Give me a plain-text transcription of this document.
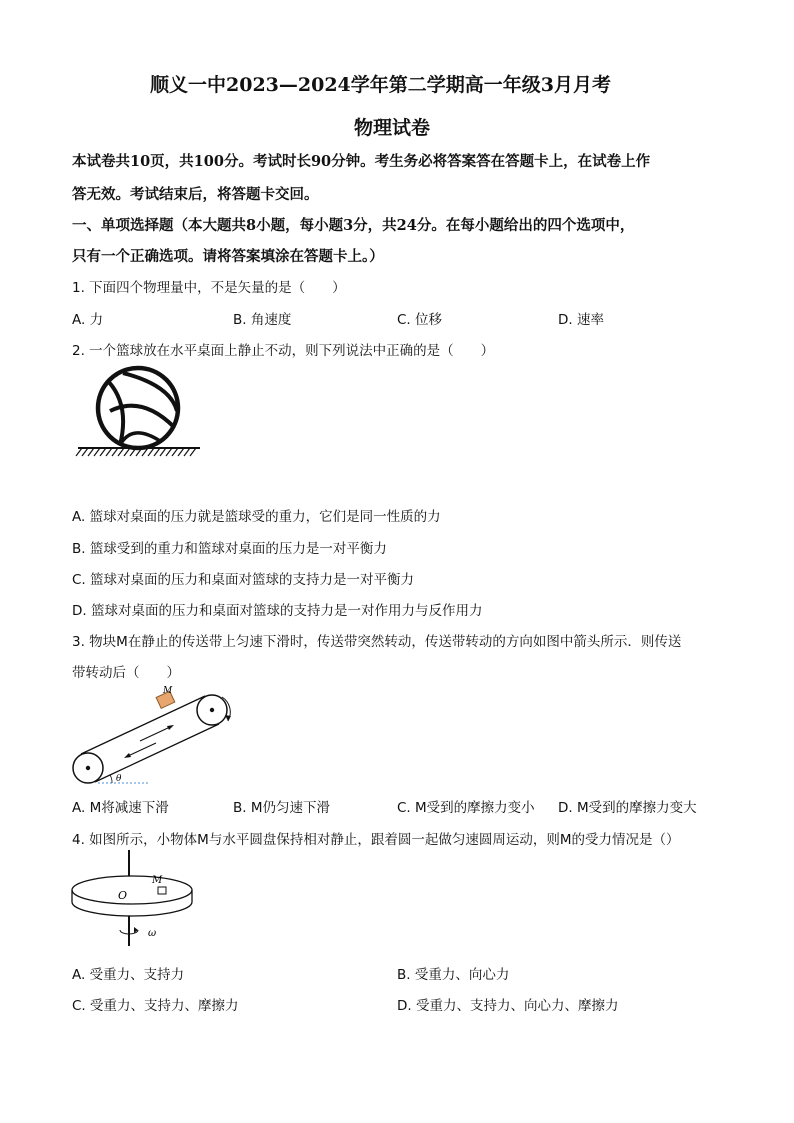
顺义一中2023—2024学年第二学期高一年级3月月考
物理试卷
本试卷共10页，共100分。考试时长90分钟。考生务必将答案答在答题卡上，在试卷上作
答无效。考试结束后，将答题卡交回。
一、单项选择题（本大题共8小题，每小题3分，共24分。在每小题给出的四个选项中，
只有一个正确选项。请将答案填涂在答题卡上。）
1. 下面四个物理量中，不是矢量的是（　　）
A. 力	B. 角速度	C. 位移	D. 速率
2. 一个篮球放在水平桌面上静止不动，则下列说法中正确的是（　　）
A. 篮球对桌面的压力就是篮球受的重力，它们是同一性质的力
B. 篮球受到的重力和篮球对桌面的压力是一对平衡力
C. 篮球对桌面的压力和桌面对篮球的支持力是一对平衡力
D. 篮球对桌面的压力和桌面对篮球的支持力是一对作用力与反作用力
3. 物块M在静止的传送带上匀速下滑时，传送带突然转动，传送带转动的方向如图中箭头所示．则传送
带转动后（　　）
M
θ
A. M将减速下滑	B. M仍匀速下滑	C. M受到的摩擦力变小 D. M受到的摩擦力变大
4. 如图所示，小物体M与水平圆盘保持相对静止，跟着圆一起做匀速圆周运动，则M的受力情况是（）
O
M
ω
A. 受重力、支持力	B. 受重力、向心力
C. 受重力、支持力、摩擦力	D. 受重力、支持力、向心力、摩擦力
